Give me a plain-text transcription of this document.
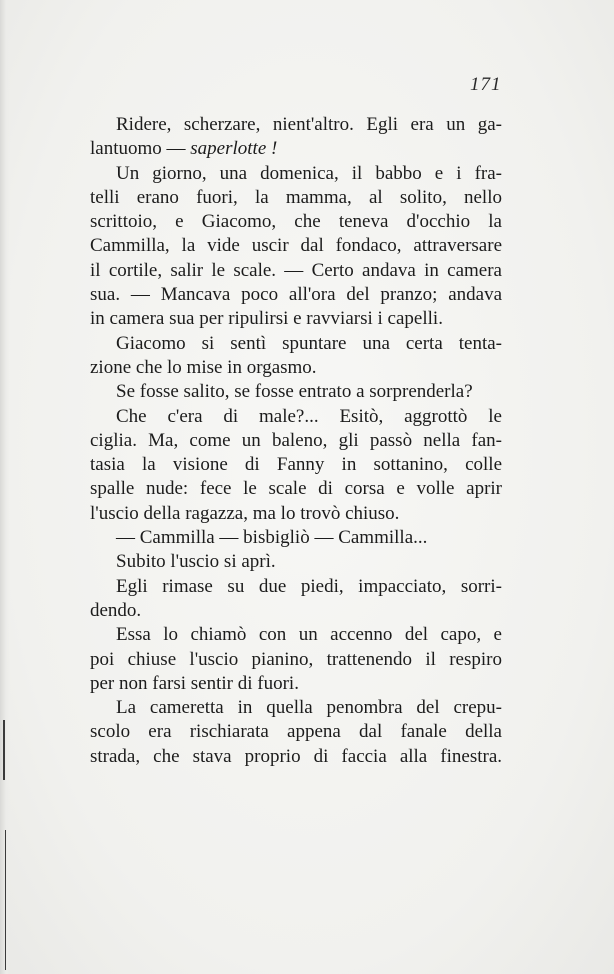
171
Ridere, scherzare, nient'altro. Egli era un ga-
lantuomo — saperlotte !
Un giorno, una domenica, il babbo e i fra-
telli erano fuori, la mamma, al solito, nello
scrittoio, e Giacomo, che teneva d'occhio la
Cammilla, la vide uscir dal fondaco, attraversare
il cortile, salir le scale. — Certo andava in camera
sua. — Mancava poco all'ora del pranzo; andava
in camera sua per ripulirsi e ravviarsi i capelli.
Giacomo si sentì spuntare una certa tenta-
zione che lo mise in orgasmo.
Se fosse salito, se fosse entrato a sorprenderla?
Che c'era di male?... Esitò, aggrottò le
ciglia. Ma, come un baleno, gli passò nella fan-
tasia la visione di Fanny in sottanino, colle
spalle nude: fece le scale di corsa e volle aprir
l'uscio della ragazza, ma lo trovò chiuso.
— Cammilla — bisbigliò — Cammilla...
Subito l'uscio si aprì.
Egli rimase su due piedi, impacciato, sorri-
dendo.
Essa lo chiamò con un accenno del capo, e
poi chiuse l'uscio pianino, trattenendo il respiro
per non farsi sentir di fuori.
La cameretta in quella penombra del crepu-
scolo era rischiarata appena dal fanale della
strada, che stava proprio di faccia alla finestra.
